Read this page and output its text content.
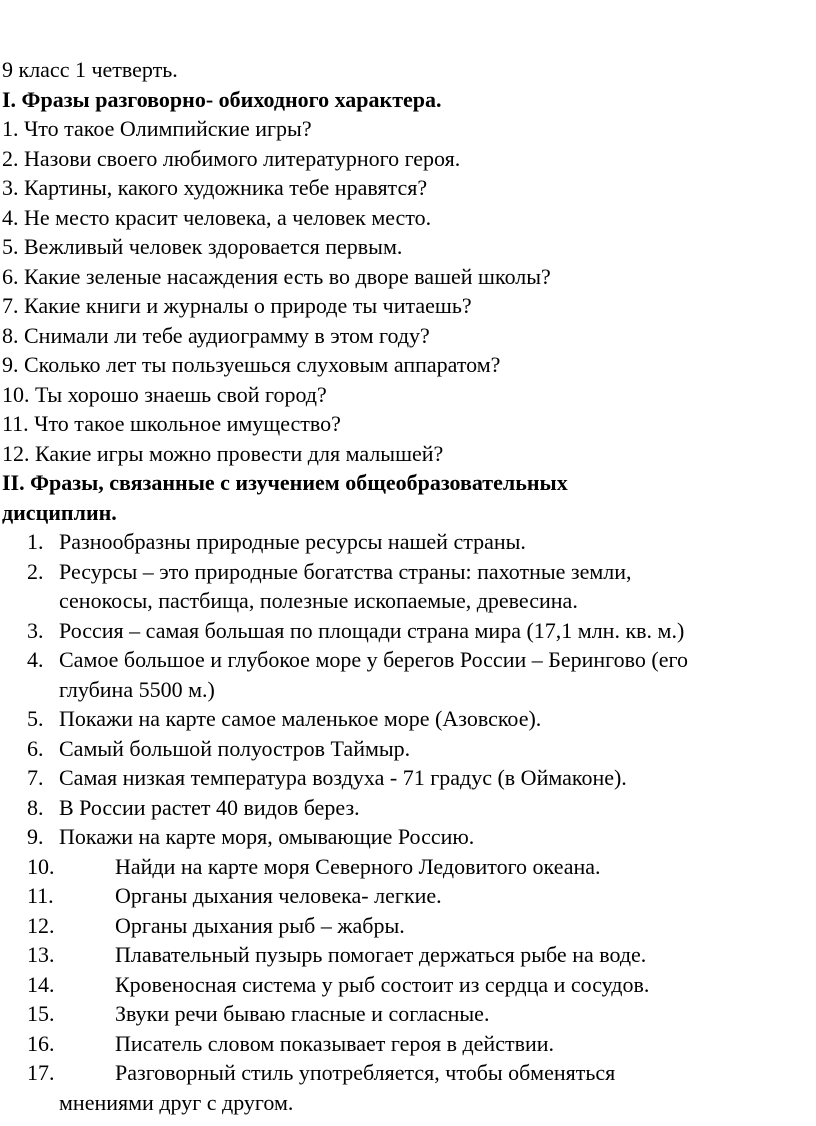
9 класс 1 четверть.
I. Фразы разговорно- обиходного характера.
1. Что такое Олимпийские игры?
2. Назови своего любимого литературного героя.
3. Картины, какого художника тебе нравятся?
4. Не место красит человека, а человек место.
5. Вежливый человек здоровается первым.
6. Какие зеленые насаждения есть во дворе вашей школы?
7. Какие книги и журналы о природе ты читаешь?
8. Снимали ли тебе аудиограмму в этом году?
9. Сколько лет ты пользуешься слуховым аппаратом?
10. Ты хорошо знаешь свой город?
11. Что такое школьное имущество?
12. Какие игры можно провести для малышей?
II. Фразы, связанные с изучением общеобразовательных
дисциплин.
1. Разнообразны природные ресурсы нашей страны.
2. Ресурсы – это природные богатства страны: пахотные земли,
сенокосы, пастбища, полезные ископаемые, древесина.
3. Россия – самая большая по площади страна мира (17,1 млн. кв. м.)
4. Самое большое и глубокое море у берегов России – Берингово (его
глубина 5500 м.)
5. Покажи на карте самое маленькое море (Азовское).
6. Самый большой полуостров Таймыр.
7. Самая низкая температура воздуха - 71 градус (в Оймаконе).
8. В России растет 40 видов берез.
9. Покажи на карте моря, омывающие Россию.
10.	Найди на карте моря Северного Ледовитого океана.
11.	Органы дыхания человека- легкие.
12.	Органы дыхания рыб – жабры.
13.	Плавательный пузырь помогает держаться рыбе на воде.
14.	Кровеносная система у рыб состоит из сердца и сосудов.
15.	Звуки речи бываю гласные и согласные.
16.	Писатель словом показывает героя в действии.
17.	Разговорный стиль употребляется, чтобы обменяться
мнениями друг с другом.
